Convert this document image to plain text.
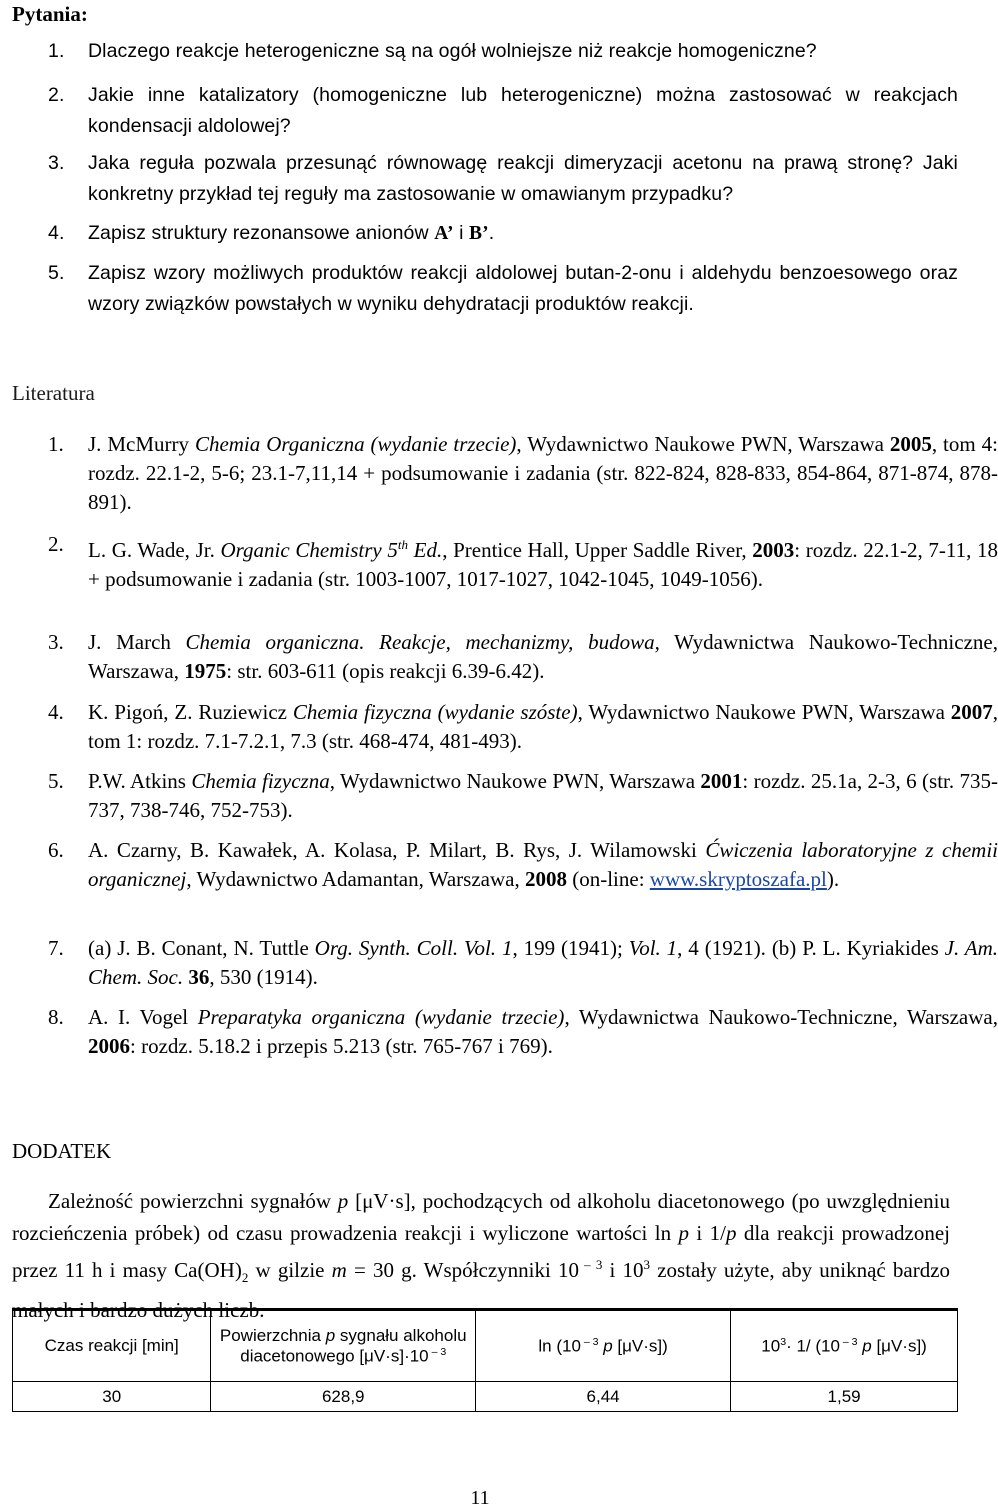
Pytania:
1. Dlaczego reakcje heterogeniczne są na ogół wolniejsze niż reakcje homogeniczne?
2. Jakie inne katalizatory (homogeniczne lub heterogeniczne) można zastosować w reakcjach kondensacji aldolowej?
3. Jaka reguła pozwala przesunąć równowagę reakcji dimeryzacji acetonu na prawą stronę? Jaki konkretny przykład tej reguły ma zastosowanie w omawianym przypadku?
4. Zapisz struktury rezonansowe anionów A’ i B’.
5. Zapisz wzory możliwych produktów reakcji aldolowej butan-2-onu i aldehydu benzoesowego oraz wzory związków powstałych w wyniku dehydratacji produktów reakcji.
Literatura
1. J. McMurry Chemia Organiczna (wydanie trzecie), Wydawnictwo Naukowe PWN, Warszawa 2005, tom 4: rozdz. 22.1-2, 5-6; 23.1-7,11,14 + podsumowanie i zadania (str. 822-824, 828-833, 854-864, 871-874, 878-891).
2. L. G. Wade, Jr. Organic Chemistry 5th Ed., Prentice Hall, Upper Saddle River, 2003: rozdz. 22.1-2, 7-11, 18 + podsumowanie i zadania (str. 1003-1007, 1017-1027, 1042-1045, 1049-1056).
3. J. March Chemia organiczna. Reakcje, mechanizmy, budowa, Wydawnictwa Naukowo-Techniczne, Warszawa, 1975: str. 603-611 (opis reakcji 6.39-6.42).
4. K. Pigoń, Z. Ruziewicz Chemia fizyczna (wydanie szóste), Wydawnictwo Naukowe PWN, Warszawa 2007, tom 1: rozdz. 7.1-7.2.1, 7.3 (str. 468-474, 481-493).
5. P.W. Atkins Chemia fizyczna, Wydawnictwo Naukowe PWN, Warszawa 2001: rozdz. 25.1a, 2-3, 6 (str. 735-737, 738-746, 752-753).
6. A. Czarny, B. Kawałek, A. Kolasa, P. Milart, B. Rys, J. Wilamowski Ćwiczenia laboratoryjne z chemii organicznej, Wydawnictwo Adamantan, Warszawa, 2008 (on-line: www.skryptoszafa.pl).
7. (a) J. B. Conant, N. Tuttle Org. Synth. Coll. Vol. 1, 199 (1941); Vol. 1, 4 (1921). (b) P. L. Kyriakides J. Am. Chem. Soc. 36, 530 (1914).
8. A. I. Vogel Preparatyka organiczna (wydanie trzecie), Wydawnictwa Naukowo-Techniczne, Warszawa, 2006: rozdz. 5.18.2 i przepis 5.213 (str. 765-767 i 769).
DODATEK
Zależność powierzchni sygnałów p [μV·s], pochodzących od alkoholu diacetonowego (po uwzględnieniu rozcieńczenia próbek) od czasu prowadzenia reakcji i wyliczone wartości ln p i 1/p dla reakcji prowadzonej przez 11 h i masy $Ca(OH)_2$ w gilzie m = 30 g. Współczynniki 10 $^{- 3}$ i $10^3$ zostały użyte, aby uniknąć bardzo małych i bardzo dużych liczb.
Czas reakcji [min]	Powierzchnia p sygnału alkoholu diacetonowego [μV·s]·10 $^{- 3}$	ln (10 $^{- 3}$ p [μV·s])	$10^3\cdot 1/$ (10 $^{- 3}$ p [μV·s])
30	628,9	6,44	1,59
11
